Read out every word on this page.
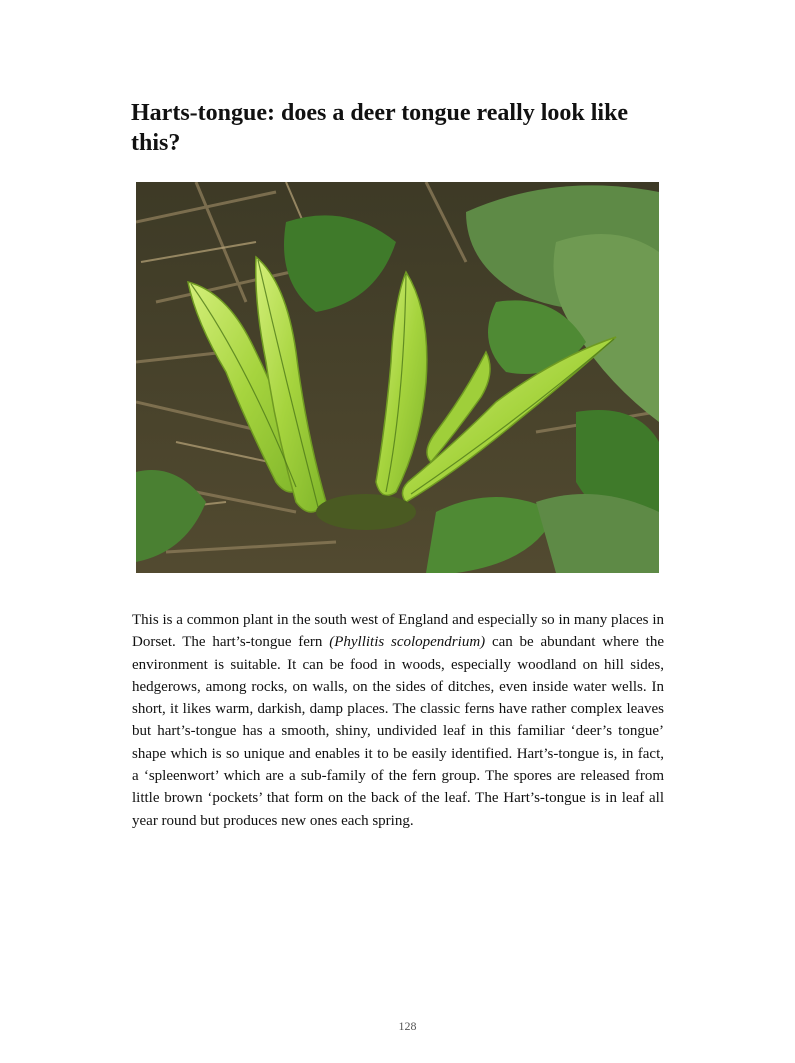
Harts-tongue: does a deer tongue really look like this?

This is a common plant in the south west of England and especially so in many places in Dorset. The hart’s-tongue fern (Phyllitis scolopendrium) can be abundant where the environment is suitable. It can be food in woods, especially woodland on hill sides, hedgerows, among rocks, on walls, on the sides of ditches, even inside water wells. In short, it likes warm, darkish, damp places. The classic ferns have rather complex leaves but hart’s-tongue has a smooth, shiny, undivided leaf in this familiar ‘deer’s tongue’ shape which is so unique and enables it to be easily identified. Hart’s-tongue is, in fact, a ‘spleenwort’ which are a sub-family of the fern group. The spores are released from little brown ‘pockets’ that form on the back of the leaf. The Hart’s-tongue is in leaf all year round but produces new ones each spring.

128
